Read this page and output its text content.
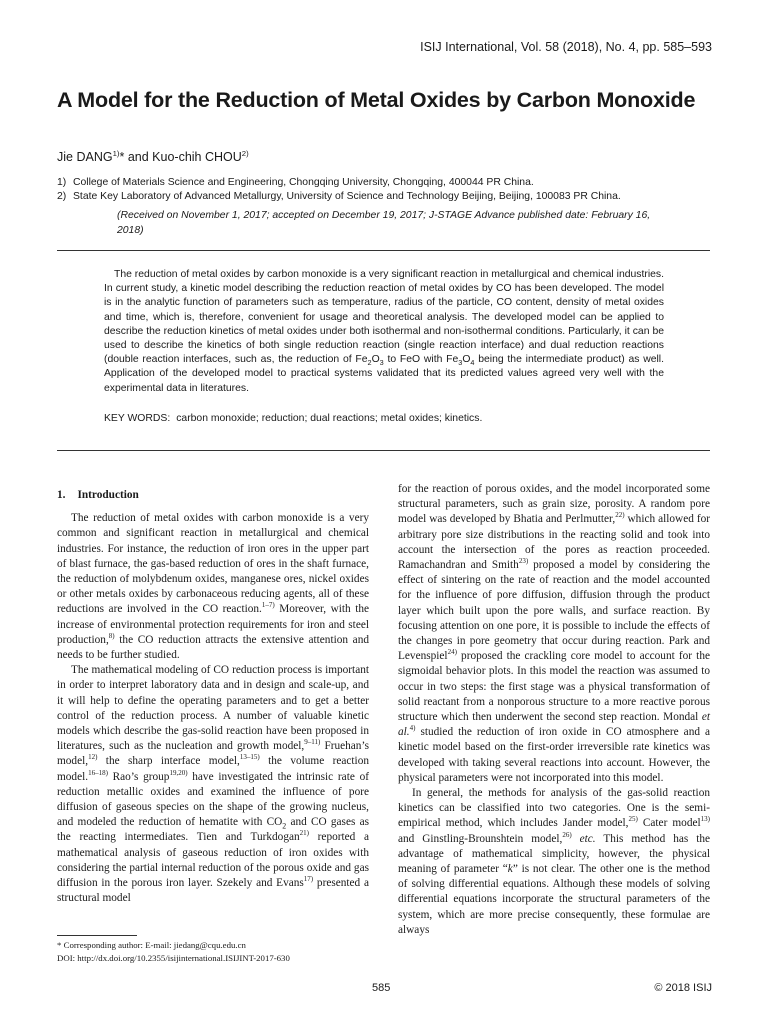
ISIJ International, Vol. 58 (2018), No. 4, pp. 585–593
A Model for the Reduction of Metal Oxides by Carbon Monoxide
Jie DANG$^{1)}$* and Kuo-chih CHOU$^{2)}$
1) College of Materials Science and Engineering, Chongqing University, Chongqing, 400044 PR China.
2) State Key Laboratory of Advanced Metallurgy, University of Science and Technology Beijing, Beijing, 100083 PR China.
(Received on November 1, 2017; accepted on December 19, 2017; J-STAGE Advance published date: February 16, 2018)

The reduction of metal oxides by carbon monoxide is a very significant reaction in metallurgical and chemical industries. In current study, a kinetic model describing the reduction reaction of metal oxides by CO has been developed. The model is in the analytic function of parameters such as temperature, radius of the particle, CO content, density of metal oxides and time, which is, therefore, convenient for usage and theoretical analysis. The developed model can be applied to describe the reduction kinetics of metal oxides under both isothermal and non-isothermal conditions. Particularly, it can be used to describe the kinetics of both single reduction reaction (single reaction interface) and dual reduction reactions (double reaction interfaces, such as, the reduction of $Fe_2O_3$ to FeO with $Fe_3O_4$ being the intermediate product) as well. Application of the developed model to practical systems validated that its predicted values agreed very well with the experimental data in literatures.

KEY WORDS: carbon monoxide; reduction; dual reactions; metal oxides; kinetics.
1. Introduction

The reduction of metal oxides with carbon monoxide is a very common and significant reaction in metallurgical and chemical industries. For instance, the reduction of iron ores in the upper part of blast furnace, the gas-based reduction of ores in the shaft furnace, the reduction of molybdenum oxides, manganese ores, nickel oxides or other metals oxides by carbonaceous reducing agents, all of these reductions are involved in the CO reaction.$^{1-7)}$ Moreover, with the increase of environmental protection requirements for iron and steel production,$^{8)}$ the CO reduction attracts the extensive attention and needs to be further studied.

The mathematical modeling of CO reduction process is important in order to interpret laboratory data and in design and scale-up, and it will help to define the operating parameters and to get a better control of the reduction process. A number of valuable kinetic models which describe the gas-solid reaction have been proposed in literatures, such as the nucleation and growth model,$^{9-11)}$ Fruehan’s model,$^{12)}$ the sharp interface model,$^{13-15)}$ the volume reaction model.$^{16-18)}$ Rao’s group$^{19,20)}$ have investigated the intrinsic rate of reduction metallic oxides and examined the influence of pore diffusion of gaseous species on the shape of the growing nucleus, and modeled the reduction of hematite with $CO_2$ and CO gases as the reacting intermediates. Tien and Turkdogan$^{21)}$ reported a mathematical analysis of gaseous reduction of iron oxides with considering the partial internal reduction of the porous oxide and gas diffusion in the porous iron layer. Szekely and Evans$^{17)}$ presented a structural model

for the reaction of porous oxides, and the model incorporated some structural parameters, such as grain size, porosity. A random pore model was developed by Bhatia and Perlmutter,$^{22)}$ which allowed for arbitrary pore size distributions in the reacting solid and took into account the intersection of the pores as reaction proceeded. Ramachandran and Smith$^{23)}$ proposed a model by considering the effect of sintering on the rate of reaction and the model accounted for the influence of pore diffusion, diffusion through the product layer which built upon the pore walls, and surface reaction. By focusing attention on one pore, it is possible to include the effects of the changes in pore geometry that occur during reaction. Park and Levenspiel$^{24)}$ proposed the crackling core model to account for the sigmoidal behavior plots. In this model the reaction was assumed to occur in two steps: the first stage was a physical transformation of solid reactant from a nonporous structure to a more reactive porous structure which then underwent the second step reaction. Mondal et al.$^{4)}$ studied the reduction of iron oxide in CO atmosphere and a kinetic model based on the first-order irreversible rate kinetics was developed with taking several reactions into account. However, the physical parameters were not incorporated into this model.

In general, the methods for analysis of the gas-solid reaction kinetics can be classified into two categories. One is the semi-empirical method, which includes Jander model,$^{25)}$ Cater model$^{13)}$ and Ginstling-Brounshtein model,$^{26)}$ etc. This method has the advantage of mathematical simplicity, however, the physical meaning of parameter “k” is not clear. The other one is the method of solving differential equations. Although these models of solving differential equations incorporate the structural parameters of the system, which are more precise consequently, these formulae are always

* Corresponding author: E-mail: jiedang@cqu.edu.cn
DOI: http://dx.doi.org/10.2355/isijinternational.ISIJINT-2017-630
585	© 2018 ISIJ
